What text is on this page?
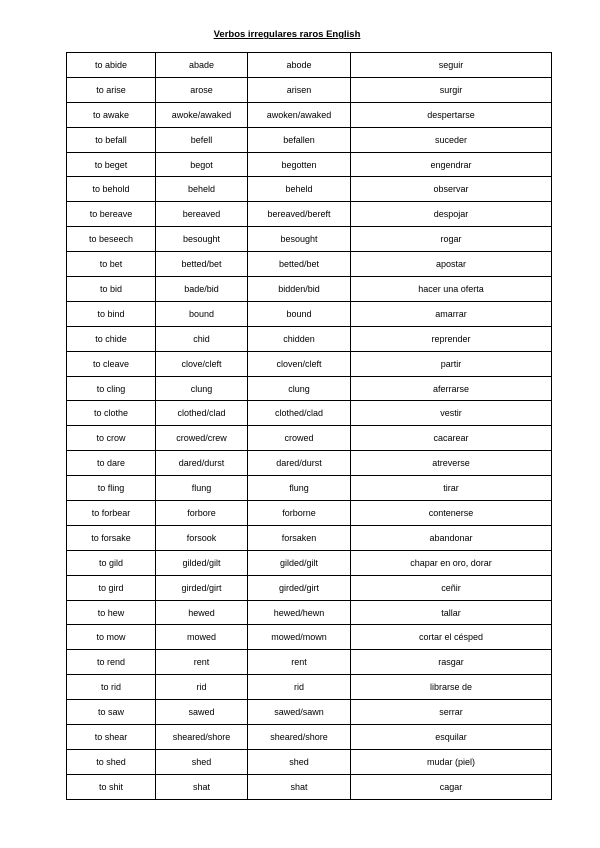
Verbos irregulares raros English
to abide	abade	abode	seguir
to arise	arose	arisen	surgir
to awake	awoke/awaked	awoken/awaked	despertarse
to befall	befell	befallen	suceder
to beget	begot	begotten	engendrar
to behold	beheld	beheld	observar
to bereave	bereaved	bereaved/bereft	despojar
to beseech	besought	besought	rogar
to bet	betted/bet	betted/bet	apostar
to bid	bade/bid	bidden/bid	hacer una oferta
to bind	bound	bound	amarrar
to chide	chid	chidden	reprender
to cleave	clove/cleft	cloven/cleft	partir
to cling	clung	clung	aferrarse
to clothe	clothed/clad	clothed/clad	vestir
to crow	crowed/crew	crowed	cacarear
to dare	dared/durst	dared/durst	atreverse
to fling	flung	flung	tirar
to forbear	forbore	forborne	contenerse
to forsake	forsook	forsaken	abandonar
to gild	gilded/gilt	gilded/gilt	chapar en oro, dorar
to gird	girded/girt	girded/girt	ceñir
to hew	hewed	hewed/hewn	tallar
to mow	mowed	mowed/mown	cortar el césped
to rend	rent	rent	rasgar
to rid	rid	rid	librarse de
to saw	sawed	sawed/sawn	serrar
to shear	sheared/shore	sheared/shore	esquilar
to shed	shed	shed	mudar (piel)
to shit	shat	shat	cagar
